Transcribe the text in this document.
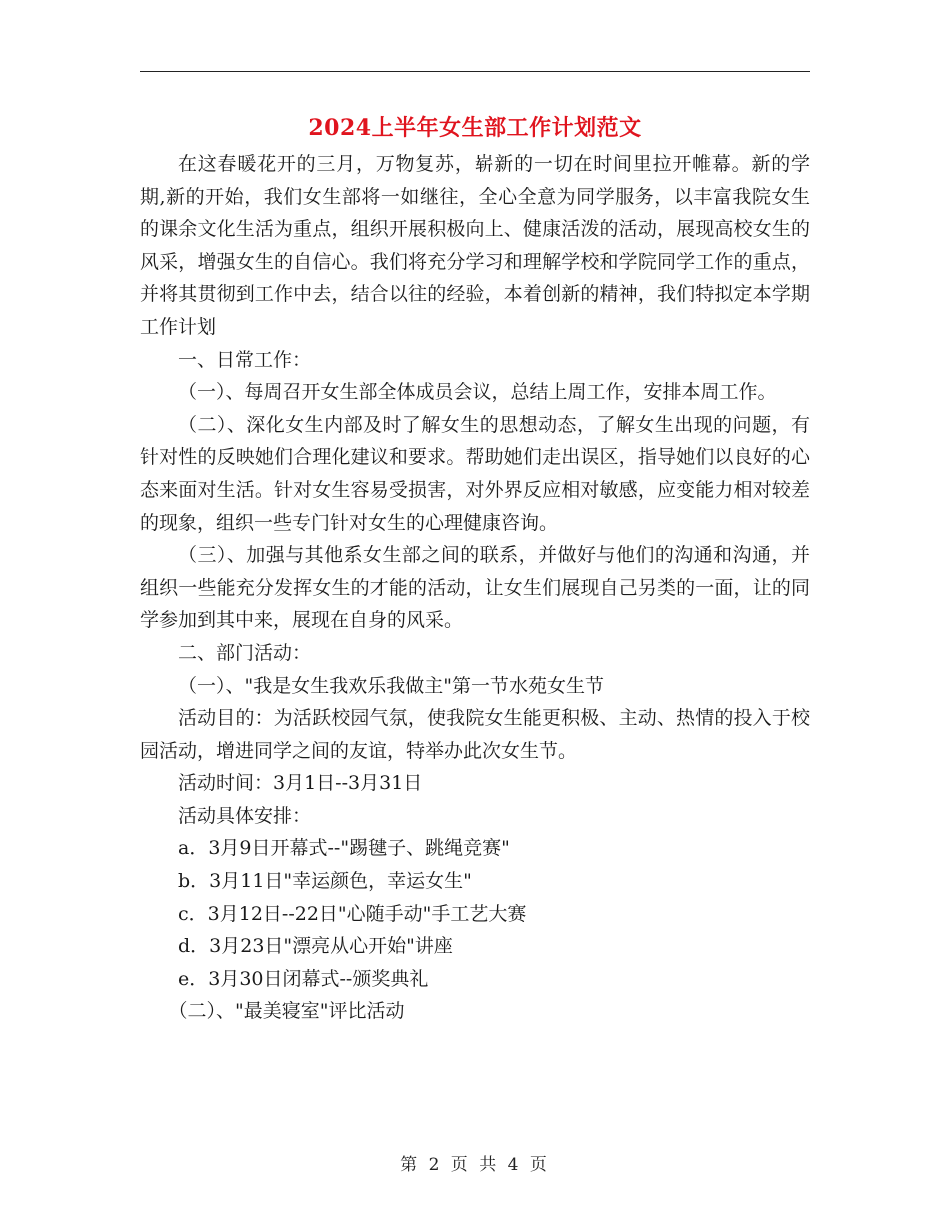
2024上半年女生部工作计划范文

在这春暖花开的三月，万物复苏，崭新的一切在时间里拉开帷幕。新的学期,新的开始，我们女生部将一如继往，全心全意为同学服务，以丰富我院女生的课余文化生活为重点，组织开展积极向上、健康活泼的活动，展现高校女生的风采，增强女生的自信心。我们将充分学习和理解学校和学院同学工作的重点，并将其贯彻到工作中去，结合以往的经验，本着创新的精神，我们特拟定本学期工作计划

一、日常工作：

（一）、每周召开女生部全体成员会议，总结上周工作，安排本周工作。

（二）、深化女生内部及时了解女生的思想动态，了解女生出现的问题，有针对性的反映她们合理化建议和要求。帮助她们走出误区，指导她们以良好的心态来面对生活。针对女生容易受损害，对外界反应相对敏感，应变能力相对较差的现象，组织一些专门针对女生的心理健康咨询。

（三）、加强与其他系女生部之间的联系，并做好与他们的沟通和沟通，并组织一些能充分发挥女生的才能的活动，让女生们展现自己另类的一面，让的同学参加到其中来，展现在自身的风采。

二、部门活动：

（一）、"我是女生我欢乐我做主"第一节水苑女生节

活动目的：为活跃校园气氛，使我院女生能更积极、主动、热情的投入于校园活动，增进同学之间的友谊，特举办此次女生节。

活动时间：3月1日--3月31日

活动具体安排：

a．3月9日开幕式--"踢毽子、跳绳竞赛"

b．3月11日"幸运颜色，幸运女生"

c．3月12日--22日"心随手动"手工艺大赛

d．3月23日"漂亮从心开始"讲座

e．3月30日闭幕式--颁奖典礼

（二）、"最美寝室"评比活动

第 2 页 共 4 页
